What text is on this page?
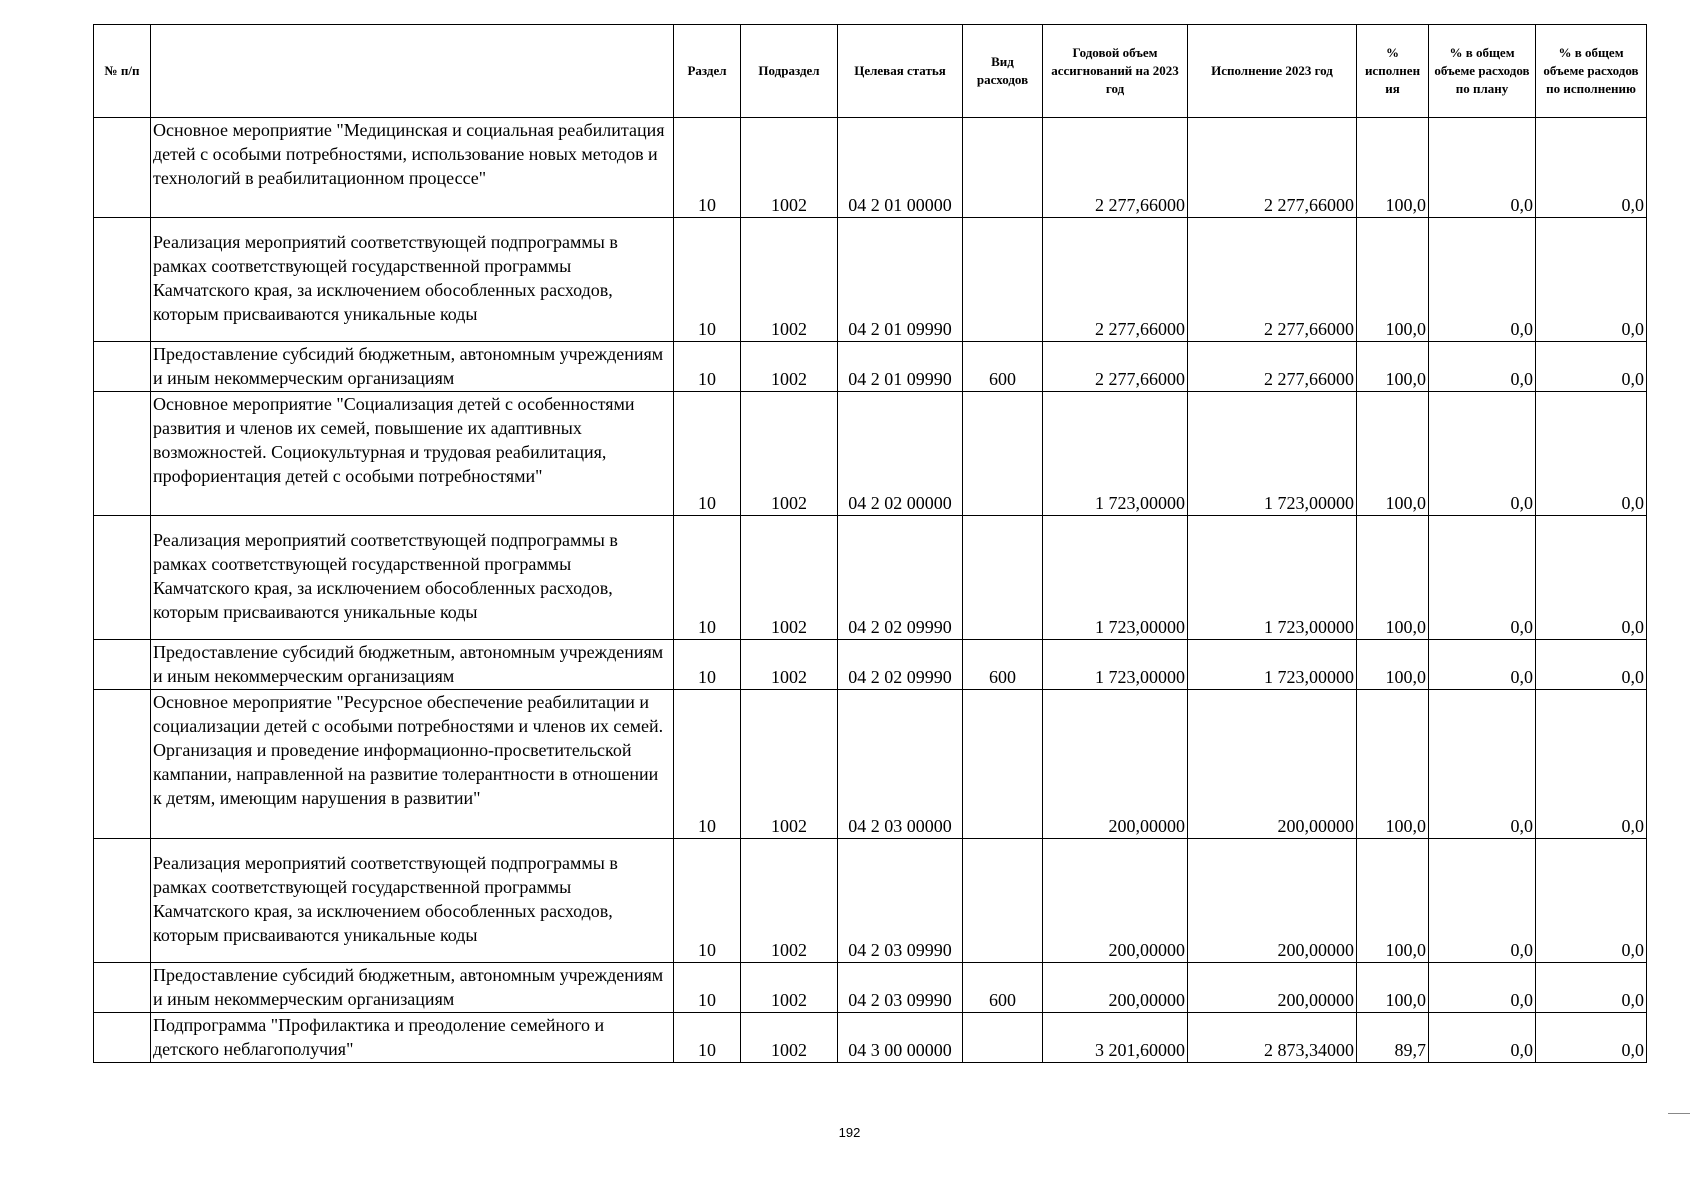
№ п/п		Раздел	Подраздел	Целевая статья	Вид расходов	Годовой объем ассигнований на 2023 год	Исполнение 2023 год	% исполнен ия	% в общем объеме расходов по плану	% в общем объеме расходов по исполнению
	Основное мероприятие "Медицинская и социальная реабилитация детей с особыми потребностями, использование новых методов и технологий в реабилитационном процессе"	10	1002	04 2 01 00000		2 277,66000	2 277,66000	100,0	0,0	0,0
	Реализация мероприятий соответствующей подпрограммы в рамках соответствующей государственной программы Камчатского края, за исключением обособленных расходов, которым присваиваются уникальные коды	10	1002	04 2 01 09990		2 277,66000	2 277,66000	100,0	0,0	0,0
	Предоставление субсидий бюджетным, автономным учреждениям и иным некоммерческим организациям	10	1002	04 2 01 09990	600	2 277,66000	2 277,66000	100,0	0,0	0,0
	Основное мероприятие "Социализация детей с особенностями развития и членов их семей, повышение их адаптивных возможностей. Социокультурная и трудовая реабилитация, профориентация детей с особыми потребностями"	10	1002	04 2 02 00000		1 723,00000	1 723,00000	100,0	0,0	0,0
	Реализация мероприятий соответствующей подпрограммы в рамках соответствующей государственной программы Камчатского края, за исключением обособленных расходов, которым присваиваются уникальные коды	10	1002	04 2 02 09990		1 723,00000	1 723,00000	100,0	0,0	0,0
	Предоставление субсидий бюджетным, автономным учреждениям и иным некоммерческим организациям	10	1002	04 2 02 09990	600	1 723,00000	1 723,00000	100,0	0,0	0,0
	Основное мероприятие "Ресурсное обеспечение реабилитации и социализации детей с особыми потребностями и членов их семей. Организация и проведение информационно-просветительской кампании, направленной на развитие толерантности в отношении к детям, имеющим нарушения в развитии"	10	1002	04 2 03 00000		200,00000	200,00000	100,0	0,0	0,0
	Реализация мероприятий соответствующей подпрограммы в рамках соответствующей государственной программы Камчатского края, за исключением обособленных расходов, которым присваиваются уникальные коды	10	1002	04 2 03 09990		200,00000	200,00000	100,0	0,0	0,0
	Предоставление субсидий бюджетным, автономным учреждениям и иным некоммерческим организациям	10	1002	04 2 03 09990	600	200,00000	200,00000	100,0	0,0	0,0
	Подпрограмма "Профилактика и преодоление семейного и детского неблагополучия"	10	1002	04 3 00 00000		3 201,60000	2 873,34000	89,7	0,0	0,0
192
